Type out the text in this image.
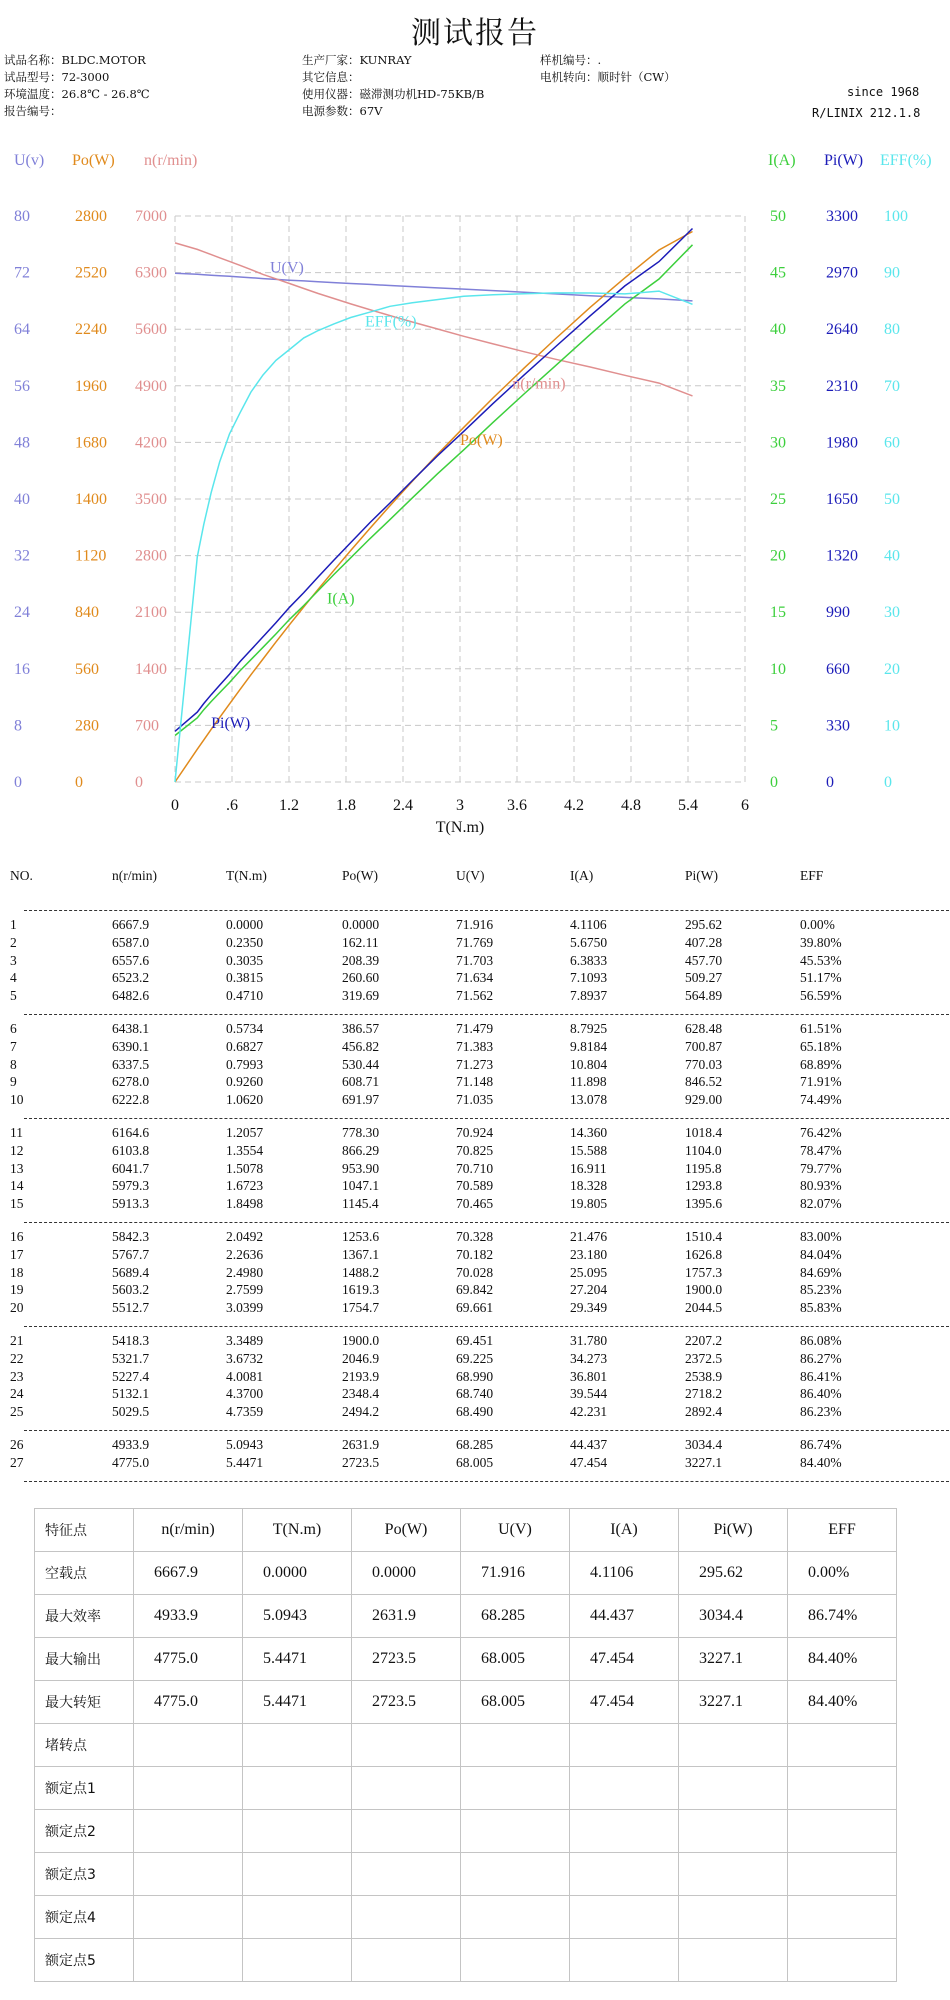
测试报告
试品名称：BLDC.MOTOR
试品型号：72-3000
环境温度：26.8℃ - 26.8℃
报告编号：
生产厂家：KUNRAY
其它信息：
使用仪器：磁滞测功机HD-75KB/B
电源参数：67V
样机编号：.
电机转向：顺时针（CW）
since 1968
R/LINIX 212.1.8
0	.6	1.2 1.8 2.4	3	3.6 4.2 4.8 5.4	6
T(N.m)
U(v)
80
72
64
56
48
40
32
24
16
8
0
Po(W)
2800
2520
2240
1960
1680
1400
1120
840
560
280
0
n(r/min)
7000
6300
5600
4900
4200
3500
2800
2100
1400
700
0
I(A)
50
45
40
35
30
25
20
15
10
5
0
Pi(W)
3300
2970
2640
2310
1980
1650
1320
990
660
330
0
EFF(%)
100
90
80
70
60
50
40
30
20
10
0
U(V)
EFF(%)
n(r/min)
Po(W)
I(A)
Pi(W)
NO.	n(r/min)	T(N.m)	Po(W)	U(V)	I(A)	Pi(W)	EFF
1	6667.9	0.0000	0.0000	71.916	4.1106	295.62	0.00%
2	6587.0	0.2350	162.11	71.769	5.6750	407.28	39.80%
3	6557.6	0.3035	208.39	71.703	6.3833	457.70	45.53%
4	6523.2	0.3815	260.60	71.634	7.1093	509.27	51.17%
5	6482.6	0.4710	319.69	71.562	7.8937	564.89	56.59%
6	6438.1	0.5734	386.57	71.479	8.7925	628.48	61.51%
7	6390.1	0.6827	456.82	71.383	9.8184	700.87	65.18%
8	6337.5	0.7993	530.44	71.273	10.804	770.03	68.89%
9	6278.0	0.9260	608.71	71.148	11.898	846.52	71.91%
10	6222.8	1.0620	691.97	71.035	13.078	929.00	74.49%
11	6164.6	1.2057	778.30	70.924	14.360	1018.4	76.42%
12	6103.8	1.3554	866.29	70.825	15.588	1104.0	78.47%
13	6041.7	1.5078	953.90	70.710	16.911	1195.8	79.77%
14	5979.3	1.6723	1047.1	70.589	18.328	1293.8	80.93%
15	5913.3	1.8498	1145.4	70.465	19.805	1395.6	82.07%
16	5842.3	2.0492	1253.6	70.328	21.476	1510.4	83.00%
17	5767.7	2.2636	1367.1	70.182	23.180	1626.8	84.04%
18	5689.4	2.4980	1488.2	70.028	25.095	1757.3	84.69%
19	5603.2	2.7599	1619.3	69.842	27.204	1900.0	85.23%
20	5512.7	3.0399	1754.7	69.661	29.349	2044.5	85.83%
21	5418.3	3.3489	1900.0	69.451	31.780	2207.2	86.08%
22	5321.7	3.6732	2046.9	69.225	34.273	2372.5	86.27%
23	5227.4	4.0081	2193.9	68.990	36.801	2538.9	86.41%
24	5132.1	4.3700	2348.4	68.740	39.544	2718.2	86.40%
25	5029.5	4.7359	2494.2	68.490	42.231	2892.4	86.23%
26	4933.9	5.0943	2631.9	68.285	44.437	3034.4	86.74%
27	4775.0	5.4471	2723.5	68.005	47.454	3227.1	84.40%
特征点	n(r/min)	T(N.m)	Po(W)	U(V)	I(A)	Pi(W)	EFF
空载点	6667.9	0.0000	0.0000	71.916	4.1106	295.62	0.00%
最大效率	4933.9	5.0943	2631.9	68.285	44.437	3034.4	86.74%
最大输出	4775.0	5.4471	2723.5	68.005	47.454	3227.1	84.40%
最大转矩	4775.0	5.4471	2723.5	68.005	47.454	3227.1	84.40%
堵转点							
额定点1							
额定点2							
额定点3							
额定点4							
额定点5							
